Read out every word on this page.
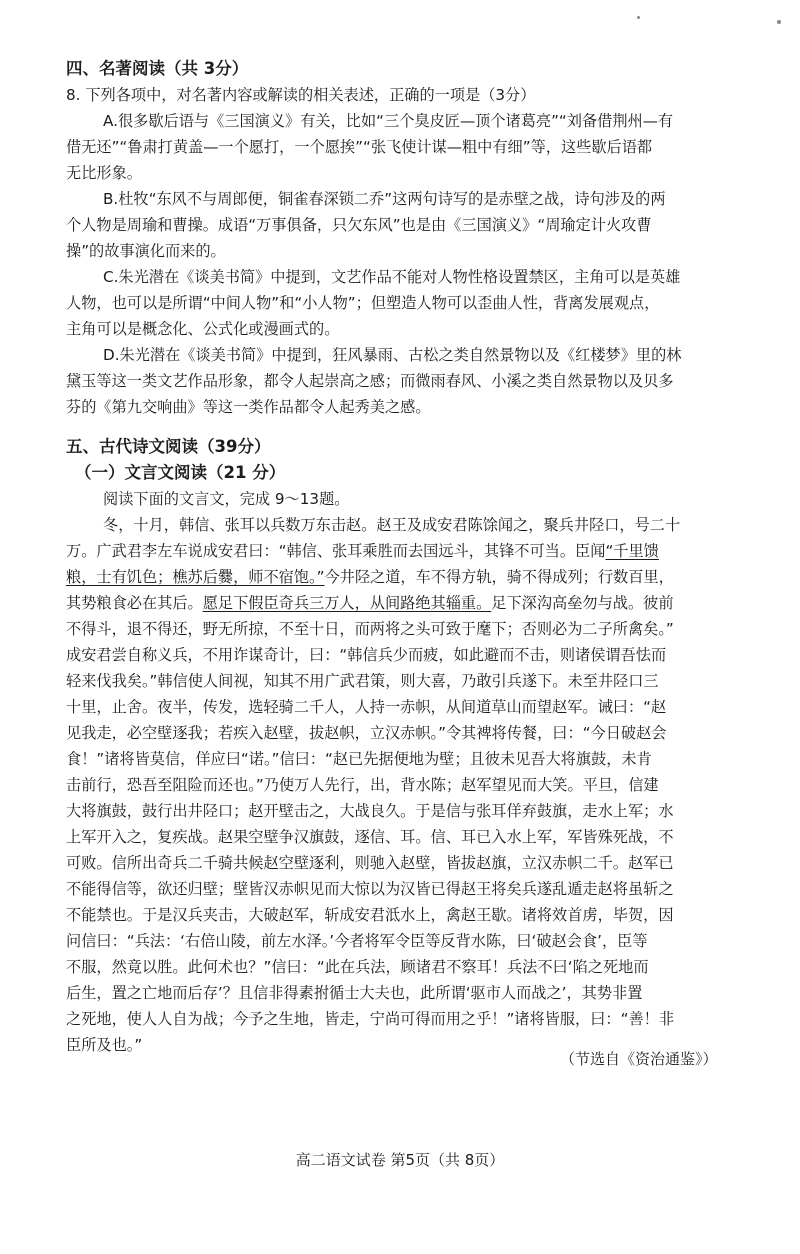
四、名著阅读（共 3分）
8. 下列各项中，对名著内容或解读的相关表述，正确的一项是（3分）
A.很多歇后语与《三国演义》有关，比如“三个臭皮匠—顶个诸葛亮”“刘备借荆州—有
借无还”“鲁肃打黄盖—一个愿打，一个愿挨”“张飞使计谋—粗中有细”等，这些歇后语都
无比形象。
B.杜牧“东风不与周郎便，铜雀春深锁二乔”这两句诗写的是赤壁之战，诗句涉及的两
个人物是周瑜和曹操。成语“万事俱备，只欠东风”也是由《三国演义》“周瑜定计火攻曹
操”的故事演化而来的。
C.朱光潜在《谈美书简》中提到，文艺作品不能对人物性格设置禁区，主角可以是英雄
人物，也可以是所谓“中间人物”和“小人物”；但塑造人物可以歪曲人性，背离发展观点，
主角可以是概念化、公式化或漫画式的。
D.朱光潜在《谈美书简》中提到，狂风暴雨、古松之类自然景物以及《红楼梦》里的林
黛玉等这一类文艺作品形象，都令人起崇高之感；而微雨春风、小溪之类自然景物以及贝多
芬的《第九交响曲》等这一类作品都令人起秀美之感。
五、古代诗文阅读（39分）
（一）文言文阅读（21 分）
阅读下面的文言文，完成 9～13题。
冬，十月，韩信、张耳以兵数万东击赵。赵王及成安君陈馀闻之，聚兵井陉口，号二十
万。广武君李左车说成安君曰：“韩信、张耳乘胜而去国远斗，其锋不可当。臣闻“千里馈
粮，士有饥色；樵苏后爨，师不宿饱。”今井陉之道，车不得方轨，骑不得成列；行数百里，
其势粮食必在其后。愿足下假臣奇兵三万人，从间路绝其辎重。足下深沟高垒勿与战。彼前
不得斗，退不得还，野无所掠，不至十日，而两将之头可致于麾下；否则必为二子所禽矣。”
成安君尝自称义兵，不用诈谋奇计，曰：“韩信兵少而疲，如此避而不击，则诸侯谓吾怯而
轻来伐我矣。”韩信使人间视，知其不用广武君策，则大喜，乃敢引兵遂下。未至井陉口三
十里，止舍。夜半，传发，选轻骑二千人，人持一赤帜，从间道草山而望赵军。诫曰：“赵
见我走，必空壁逐我；若疾入赵壁，拔赵帜，立汉赤帜。”令其裨将传餐，曰：“今日破赵会
食！”诸将皆莫信，佯应曰“诺。”信曰：“赵已先据便地为壁；且彼未见吾大将旗鼓，未肯
击前行，恐吾至阻险而还也。”乃使万人先行，出，背水陈；赵军望见而大笑。平旦，信建
大将旗鼓，鼓行出井陉口；赵开壁击之，大战良久。于是信与张耳佯弃鼓旗，走水上军；水
上军开入之，复疾战。赵果空壁争汉旗鼓，逐信、耳。信、耳已入水上军，军皆殊死战，不
可败。信所出奇兵二千骑共候赵空壁逐利，则驰入赵壁，皆拔赵旗，立汉赤帜二千。赵军已
不能得信等，欲还归壁；壁皆汉赤帜见而大惊以为汉皆已得赵王将矣兵遂乱遁走赵将虽斩之
不能禁也。于是汉兵夹击，大破赵军，斩成安君泜水上，禽赵王歇。诸将效首虏，毕贺，因
问信曰：“兵法：‘右倍山陵，前左水泽。’今者将军令臣等反背水陈，曰‘破赵会食’，臣等
不服，然竟以胜。此何术也？”信曰：“此在兵法，顾诸君不察耳！兵法不曰‘陷之死地而
后生，置之亡地而后存’？且信非得素拊循士大夫也，此所谓‘驱市人而战之’，其势非置
之死地，使人人自为战；今予之生地，皆走，宁尚可得而用之乎！”诸将皆服，曰：“善！非
臣所及也。”
（节选自《资治通鉴》）
高二语文试卷 第5页（共 8页）
